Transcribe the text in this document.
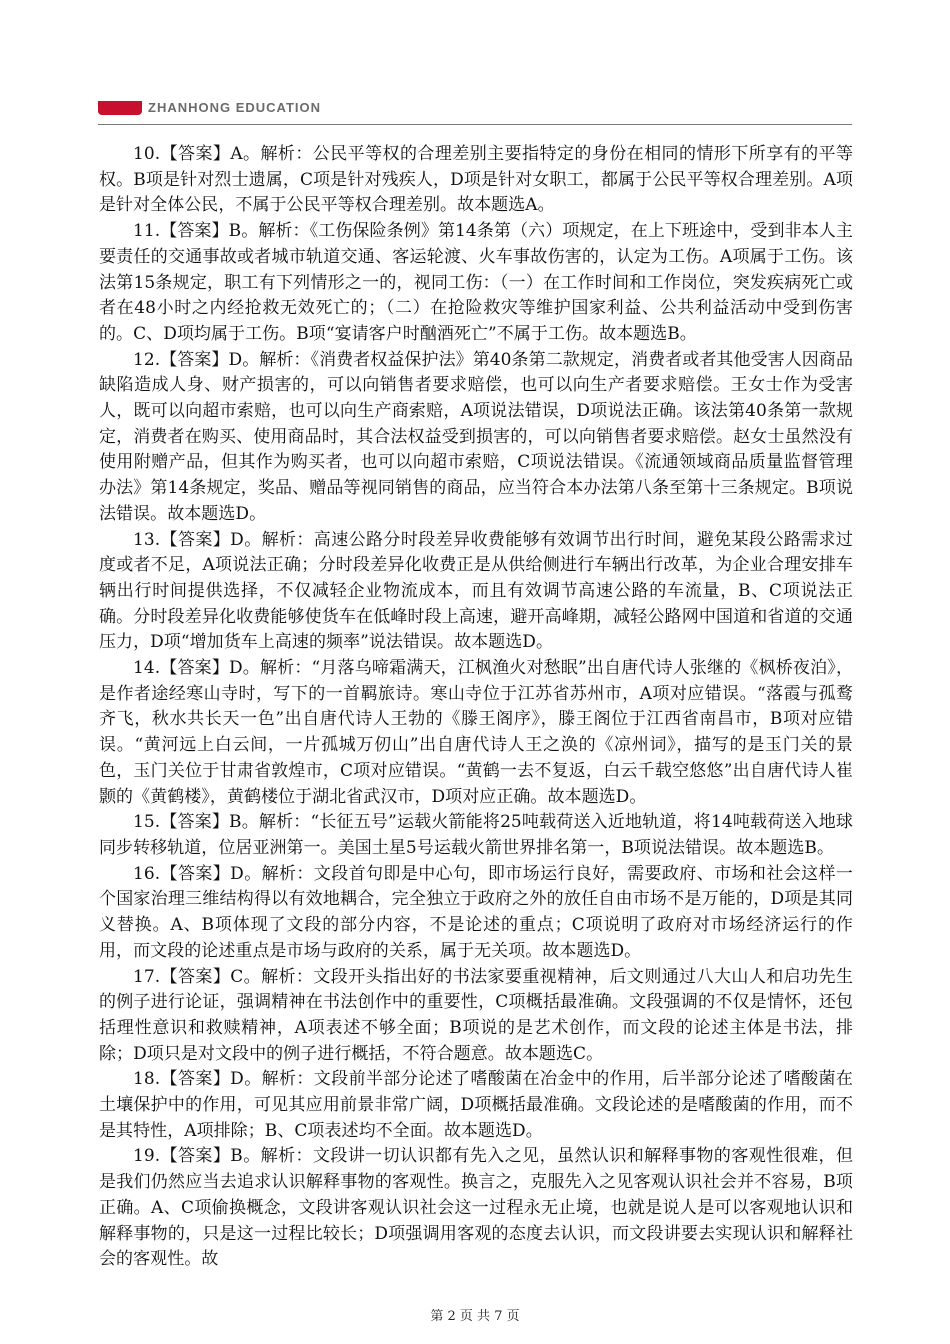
ZHANHONG EDUCATION

10.【答案】A。解析：公民平等权的合理差别主要指特定的身份在相同的情形下所享有的平等权。B项是针对烈士遗属，C项是针对残疾人，D项是针对女职工，都属于公民平等权合理差别。A项是针对全体公民，不属于公民平等权合理差别。故本题选A。

11.【答案】B。解析：《工伤保险条例》第14条第（六）项规定，在上下班途中，受到非本人主要责任的交通事故或者城市轨道交通、客运轮渡、火车事故伤害的，认定为工伤。A项属于工伤。该法第15条规定，职工有下列情形之一的，视同工伤：（一）在工作时间和工作岗位，突发疾病死亡或者在48小时之内经抢救无效死亡的；（二）在抢险救灾等维护国家利益、公共利益活动中受到伤害的。C、D项均属于工伤。B项“宴请客户时酗酒死亡”不属于工伤。故本题选B。

12.【答案】D。解析：《消费者权益保护法》第40条第二款规定，消费者或者其他受害人因商品缺陷造成人身、财产损害的，可以向销售者要求赔偿，也可以向生产者要求赔偿。王女士作为受害人，既可以向超市索赔，也可以向生产商索赔，A项说法错误，D项说法正确。该法第40条第一款规定，消费者在购买、使用商品时，其合法权益受到损害的，可以向销售者要求赔偿。赵女士虽然没有使用附赠产品，但其作为购买者，也可以向超市索赔，C项说法错误。《流通领域商品质量监督管理办法》第14条规定，奖品、赠品等视同销售的商品，应当符合本办法第八条至第十三条规定。B项说法错误。故本题选D。

13.【答案】D。解析：高速公路分时段差异收费能够有效调节出行时间，避免某段公路需求过度或者不足，A项说法正确；分时段差异化收费正是从供给侧进行车辆出行改革，为企业合理安排车辆出行时间提供选择，不仅减轻企业物流成本，而且有效调节高速公路的车流量，B、C项说法正确。分时段差异化收费能够使货车在低峰时段上高速，避开高峰期，减轻公路网中国道和省道的交通压力，D项“增加货车上高速的频率”说法错误。故本题选D。

14.【答案】D。解析：“月落乌啼霜满天，江枫渔火对愁眠”出自唐代诗人张继的《枫桥夜泊》，是作者途经寒山寺时，写下的一首羁旅诗。寒山寺位于江苏省苏州市，A项对应错误。“落霞与孤鹜齐飞，秋水共长天一色”出自唐代诗人王勃的《滕王阁序》，滕王阁位于江西省南昌市，B项对应错误。“黄河远上白云间，一片孤城万仞山”出自唐代诗人王之涣的《凉州词》，描写的是玉门关的景色，玉门关位于甘肃省敦煌市，C项对应错误。“黄鹤一去不复返，白云千载空悠悠”出自唐代诗人崔颢的《黄鹤楼》，黄鹤楼位于湖北省武汉市，D项对应正确。故本题选D。

15.【答案】B。解析：“长征五号”运载火箭能将25吨载荷送入近地轨道，将14吨载荷送入地球同步转移轨道，位居亚洲第一。美国土星5号运载火箭世界排名第一，B项说法错误。故本题选B。

16.【答案】D。解析：文段首句即是中心句，即市场运行良好，需要政府、市场和社会这样一个国家治理三维结构得以有效地耦合，完全独立于政府之外的放任自由市场不是万能的，D项是其同义替换。A、B项体现了文段的部分内容，不是论述的重点；C项说明了政府对市场经济运行的作用，而文段的论述重点是市场与政府的关系，属于无关项。故本题选D。

17.【答案】C。解析：文段开头指出好的书法家要重视精神，后文则通过八大山人和启功先生的例子进行论证，强调精神在书法创作中的重要性，C项概括最准确。文段强调的不仅是情怀，还包括理性意识和救赎精神，A项表述不够全面；B项说的是艺术创作，而文段的论述主体是书法，排除；D项只是对文段中的例子进行概括，不符合题意。故本题选C。

18.【答案】D。解析：文段前半部分论述了嗜酸菌在冶金中的作用，后半部分论述了嗜酸菌在土壤保护中的作用，可见其应用前景非常广阔，D项概括最准确。文段论述的是嗜酸菌的作用，而不是其特性，A项排除；B、C项表述均不全面。故本题选D。

19.【答案】B。解析：文段讲一切认识都有先入之见，虽然认识和解释事物的客观性很难，但是我们仍然应当去追求认识解释事物的客观性。换言之，克服先入之见客观认识社会并不容易，B项正确。A、C项偷换概念，文段讲客观认识社会这一过程永无止境，也就是说人是可以客观地认识和解释事物的，只是这一过程比较长；D项强调用客观的态度去认识，而文段讲要去实现认识和解释社会的客观性。故

第 2 页 共 7 页
